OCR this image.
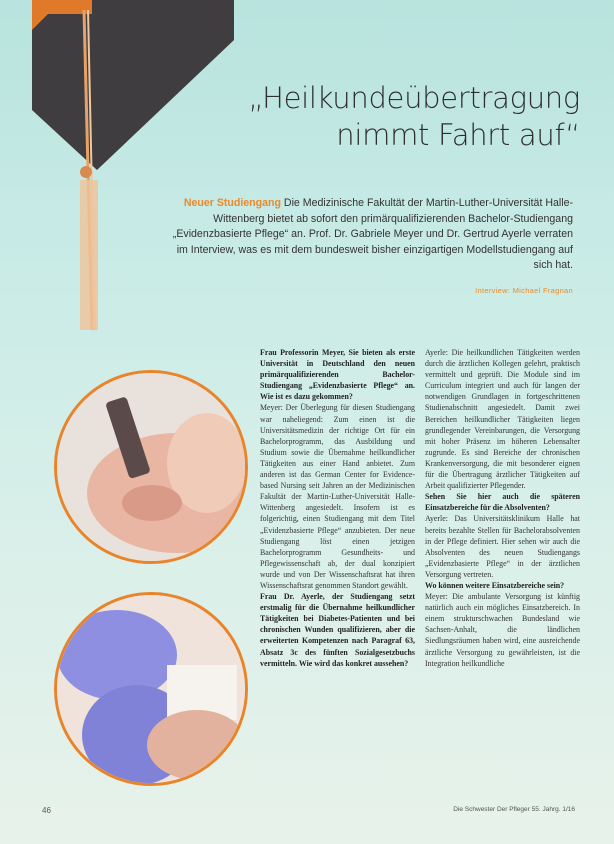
„Heilkundeübertragung
nimmt Fahrt auf“
Neuer Studiengang Die Medizinische Fakultät der Martin-Luther-Universität Halle-Wittenberg bietet ab sofort den primärqualifizierenden Bachelor-Studiengang „Evidenzbasierte Pflege“ an. Prof. Dr. Gabriele Meyer und Dr. Gertrud Ayerle verraten im Interview, was es mit dem bundesweit bisher einzigartigen Modellstudiengang auf sich hat.
Interview: Michael Fragnan

Frau Professorin Meyer, Sie bieten als erste Universität in Deutschland den neuen primärqualifizierenden Bachelor-Studiengang „Evidenzbasierte Pflege“ an. Wie ist es dazu gekommen?

Meyer: Der Überlegung für diesen Studiengang war naheliegend: Zum einen ist die Universitätsmedizin der richtige Ort für ein Bachelorprogramm, das Ausbildung und Studium sowie die Übernahme heilkundlicher Tätigkeiten aus einer Hand anbietet. Zum anderen ist das German Center for Evidence-based Nursing seit Jahren an der Medizinischen Fakultät der Martin-Luther-Universität Halle-Wittenberg angesiedelt. Insofern ist es folgerichtig, einen Studiengang mit dem Titel „Evidenzbasierte Pflege“ anzubieten. Der neue Studiengang löst einen jetzigen Bachelorprogramm Gesundheits- und Pflegewissenschaft ab, der dual konzipiert wurde und von Der Wissenschaftsrat hat ihren Wissenschaftsrat genommen Standort gewählt.

Frau Dr. Ayerle, der Studiengang setzt erstmalig für die Übernahme heilkundlicher Tätigkeiten bei Diabetes-Patienten und bei chronischen Wunden qualifizieren, aber die erweiterten Kompetenzen nach Paragraf 63, Absatz 3c des fünften Sozialgesetzbuchs vermitteln. Wie wird das konkret aussehen?

Ayerle: Die heilkundlichen Tätigkeiten werden durch die ärztlichen Kollegen gelehrt, praktisch vermittelt und geprüft. Die Module sind im Curriculum integriert und auch für langen der notwendigen Grundlagen in fortgeschrittenen Studienabschnitt angesiedelt. Damit zwei Bereichen heilkundlicher Tätigkeiten liegen grundlegender Vereinbarungen, die Versorgung mit hoher Präsenz im höheren Lebensalter zugrunde. Es sind Bereiche der chronischen Krankenversorgung, die mit besonderer eignen für die Übertragung ärztlicher Tätigkeiten auf Arbeit qualifizierter Pflegender.

Sehen Sie hier auch die späteren Einsatzbereiche für die Absolventen?

Ayerle: Das Universitätsklinikum Halle hat bereits bezahlte Stellen für Bachelorabsolventen in der Pflege definiert. Hier sehen wir auch die Absolventen des neuen Studiengangs „Evidenzbasierte Pflege“ in der ärztlichen Versorgung vertreten.

Wo können weitere Einsatzbereiche sein?

Meyer: Die ambulante Versorgung ist künftig natürlich auch ein mögliches Einsatzbereich. In einem strukturschwachen Bundesland wie Sachsen-Anhalt, die ländlichen Siedlungsräumen haben wird, eine ausreichende ärztliche Versorgung zu gewährleisten, ist die Integration heilkundliche

46	Die Schwester Der Pfleger 55. Jahrg. 1/16
